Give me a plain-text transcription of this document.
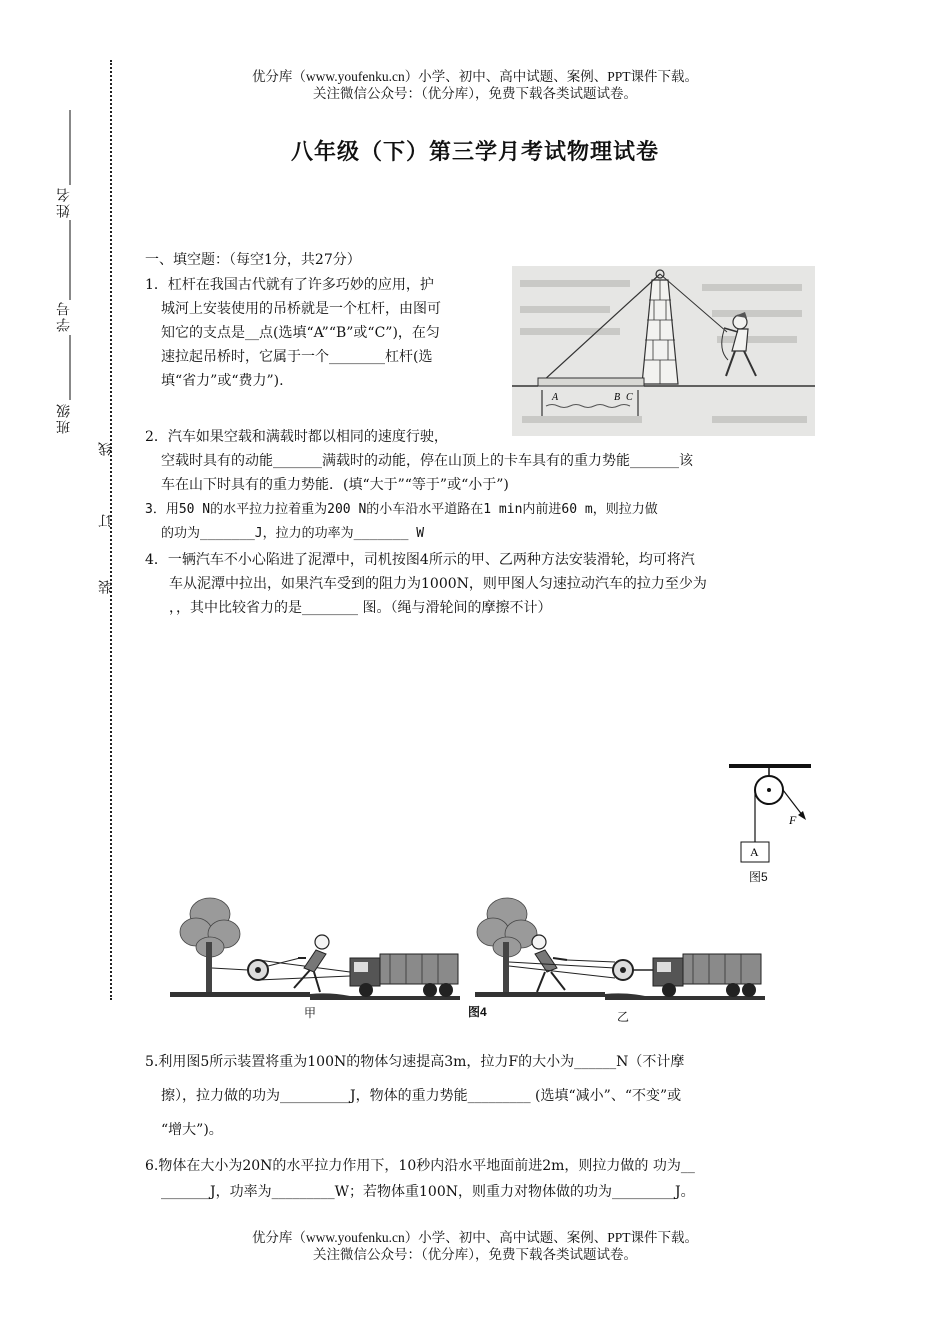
优分库（www.youfenku.cn）小学、初中、高中试题、案例、PPT课件下载。
关注微信公众号：（优分库），免费下载各类试题试卷。
八年级（下）第三学月考试物理试卷
姓名
学号
班级
线
订
装
一、填空题：（每空1分，共27分）

1．杠杆在我国古代就有了许多巧妙的应用，护

城河上安装使用的吊桥就是一个杠杆，由图可

知它的支点是__点(选填“A”“B”或“C”)，在匀

速拉起吊桥时，它属于一个________杠杆(选

填“省力”或“费力”).

A	B C

2．汽车如果空载和满载时都以相同的速度行驶，

空载时具有的动能_______满载时的动能，停在山顶上的卡车具有的重力势能_______该

车在山下时具有的重力势能．(填“大于”“等于”或“小于”)

3．用50 N的水平拉力拉着重为200 N的小车沿水平道路在1 min内前进60 m，则拉力做

的功为_______J，拉力的功率为_______ W

4．一辆汽车不小心陷进了泥潭中，司机按图4所示的甲、乙两种方法安装滑轮，均可将汽

车从泥潭中拉出，如果汽车受到的阻力为1000N，则甲图人匀速拉动汽车的拉力至少为

，，其中比较省力的是________ 图。（绳与滑轮间的摩擦不计）

A
F
图5
甲	图4	乙

5.利用图5所示装置将重为100N的物体匀速提高3m，拉力F的大小为______N（不计摩

擦），拉力做的功为__________J，物体的重力势能_________ (选填“减小”、“不变”或

“增大”)。

6.物体在大小为20N的水平拉力作用下，10秒内沿水平地面前进2m，则拉力做的 功为__

_______J，功率为_________W；若物体重100N，则重力对物体做的功为_________J。

优分库（www.youfenku.cn）小学、初中、高中试题、案例、PPT课件下载。
关注微信公众号：（优分库），免费下载各类试题试卷。
